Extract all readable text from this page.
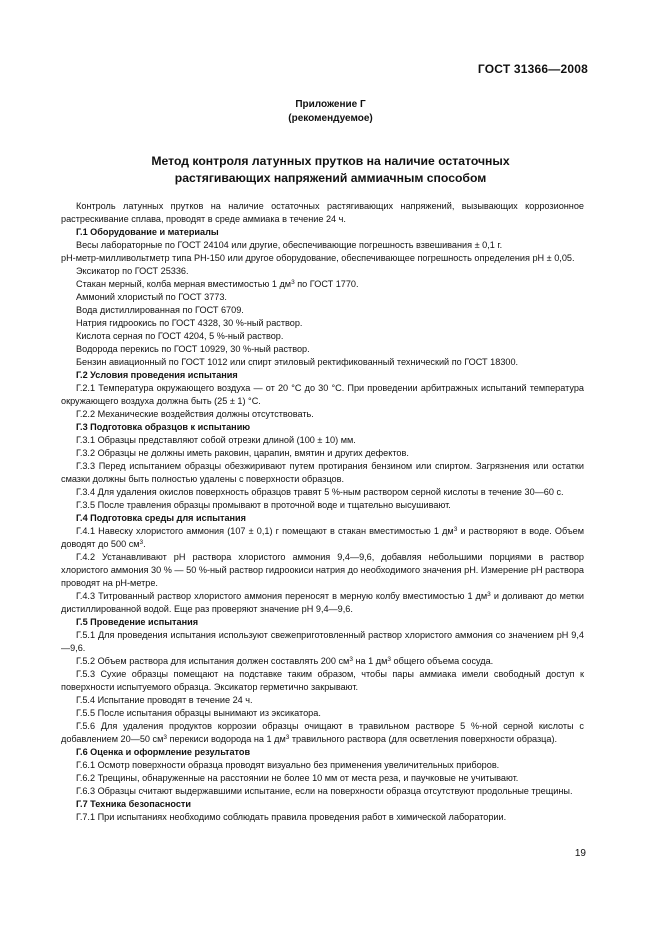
ГОСТ 31366—2008
Приложение Г
(рекомендуемое)
Метод контроля латунных прутков на наличие остаточных
растягивающих напряжений аммиачным способом

Контроль латунных прутков на наличие остаточных растягивающих напряжений, вызывающих коррозионное растрескивание сплава, проводят в среде аммиака в течение 24 ч.

Г.1 Оборудование и материалы

Весы лабораторные по ГОСТ 24104 или другие, обеспечивающие погрешность взвешивания ± 0,1 г.

pH-метр-милливольтметр типа PH-150 или другое оборудование, обеспечивающее погрешность определения pH ± 0,05.

Эксикатор по ГОСТ 25336.

Стакан мерный, колба мерная вместимостью 1 $дм^3$ по ГОСТ 1770.

Аммоний хлористый по ГОСТ 3773.

Вода дистиллированная по ГОСТ 6709.

Натрия гидроокись по ГОСТ 4328, 30 %-ный раствор.

Кислота серная по ГОСТ 4204, 5 %-ный раствор.

Водорода перекись по ГОСТ 10929, 30 %-ный раствор.

Бензин авиационный по ГОСТ 1012 или спирт этиловый ректификованный технический по ГОСТ 18300.

Г.2 Условия проведения испытания

Г.2.1 Температура окружающего воздуха — от 20 °С до 30 °С. При проведении арбитражных испытаний температура окружающего воздуха должна быть (25 ± 1) °С.

Г.2.2 Механические воздействия должны отсутствовать.

Г.3 Подготовка образцов к испытанию

Г.3.1 Образцы представляют собой отрезки длиной (100 ± 10) мм.

Г.3.2 Образцы не должны иметь раковин, царапин, вмятин и других дефектов.

Г.3.3 Перед испытанием образцы обезжиривают путем протирания бензином или спиртом. Загрязнения или остатки смазки должны быть полностью удалены с поверхности образцов.

Г.3.4 Для удаления окислов поверхность образцов травят 5 %-ным раствором серной кислоты в течение 30—60 с.

Г.3.5 После травления образцы промывают в проточной воде и тщательно высушивают.

Г.4 Подготовка среды для испытания

Г.4.1 Навеску хлористого аммония (107 ± 0,1) г помещают в стакан вместимостью 1 $дм^3$ и растворяют в воде. Объем доводят до 500 $см^3$.

Г.4.2 Устанавливают pH раствора хлористого аммония 9,4—9,6, добавляя небольшими порциями в раствор хлористого аммония 30 % — 50 %-ный раствор гидроокиси натрия до необходимого значения pH. Измерение pH раствора проводят на pH-метре.

Г.4.3 Титрованный раствор хлористого аммония переносят в мерную колбу вместимостью 1 $дм^3$ и доливают до метки дистиллированной водой. Еще раз проверяют значение pH 9,4—9,6.

Г.5 Проведение испытания

Г.5.1 Для проведения испытания используют свежеприготовленный раствор хлористого аммония со значением pH 9,4—9,6.

Г.5.2 Объем раствора для испытания должен составлять 200 $см^3$ на 1 $дм^3$ общего объема сосуда.

Г.5.3 Сухие образцы помещают на подставке таким образом, чтобы пары аммиака имели свободный доступ к поверхности испытуемого образца. Эксикатор герметично закрывают.

Г.5.4 Испытание проводят в течение 24 ч.

Г.5.5 После испытания образцы вынимают из эксикатора.

Г.5.6 Для удаления продуктов коррозии образцы очищают в травильном растворе 5 %-ной серной кислоты с добавлением 20—50 $см^3$ перекиси водорода на 1 $дм^3$ травильного раствора (для осветления поверхности образца).

Г.6 Оценка и оформление результатов

Г.6.1 Осмотр поверхности образца проводят визуально без применения увеличительных приборов.

Г.6.2 Трещины, обнаруженные на расстоянии не более 10 мм от места реза, и паучковые не учитывают.

Г.6.3 Образцы считают выдержавшими испытание, если на поверхности образца отсутствуют продольные трещины.

Г.7 Техника безопасности

Г.7.1 При испытаниях необходимо соблюдать правила проведения работ в химической лаборатории.

19
